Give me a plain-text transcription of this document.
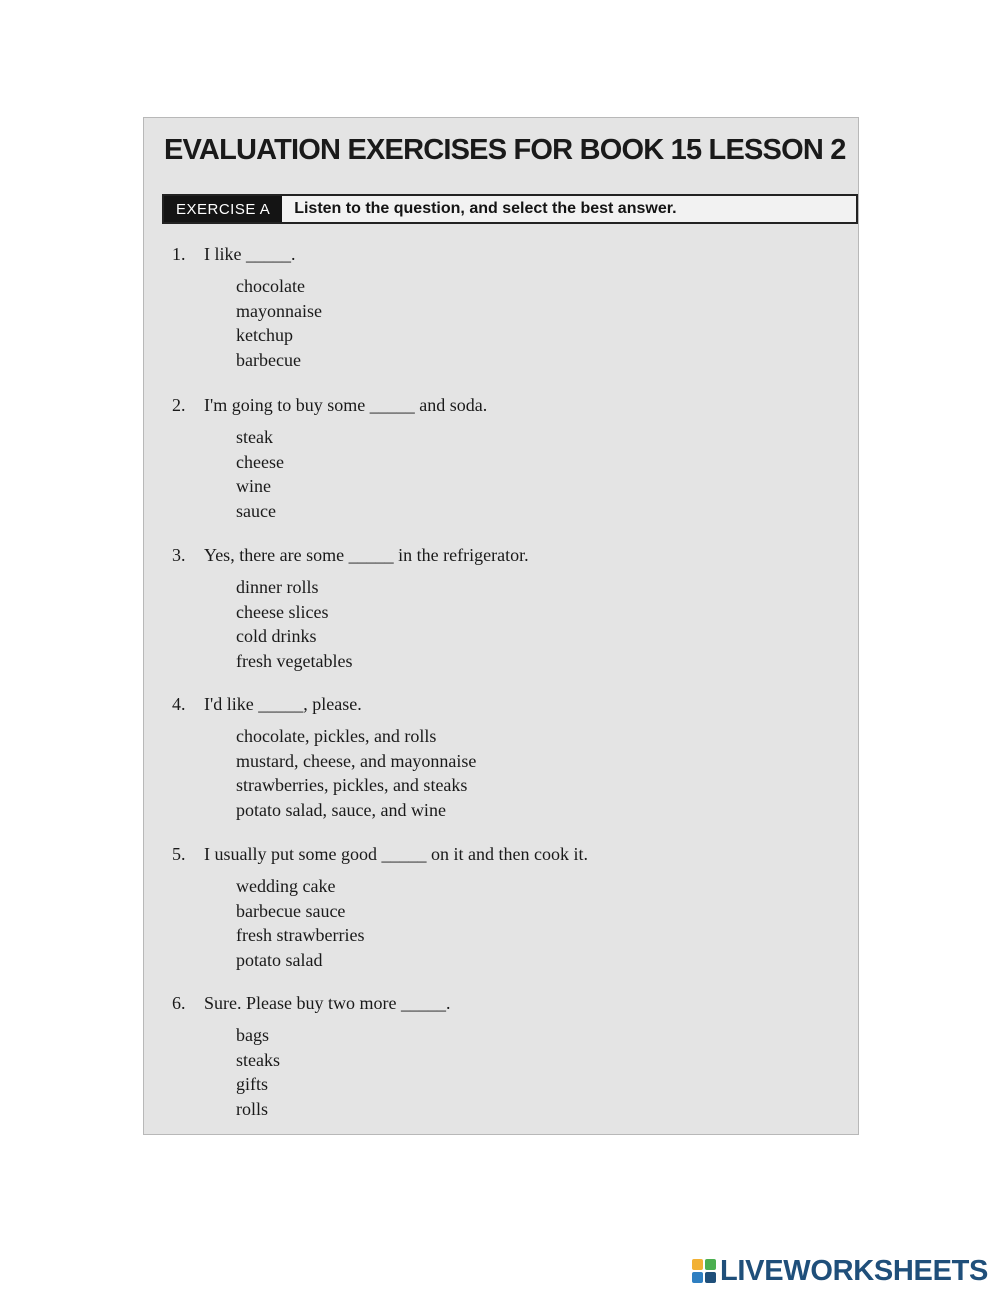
EVALUATION EXERCISES FOR BOOK 15 LESSON 2
EXERCISE A	Listen to the question, and select the best answer.
1. I like _____.
chocolate
mayonnaise
ketchup
barbecue
2. I'm going to buy some _____ and soda.
steak
cheese
wine
sauce
3. Yes, there are some _____ in the refrigerator.
dinner rolls
cheese slices
cold drinks
fresh vegetables
4. I'd like _____, please.
chocolate, pickles, and rolls
mustard, cheese, and mayonnaise
strawberries, pickles, and steaks
potato salad, sauce, and wine
5. I usually put some good _____ on it and then cook it.
wedding cake
barbecue sauce
fresh strawberries
potato salad
6. Sure. Please buy two more _____.
bags
steaks
gifts
rolls
LIVEWORKSHEETS
